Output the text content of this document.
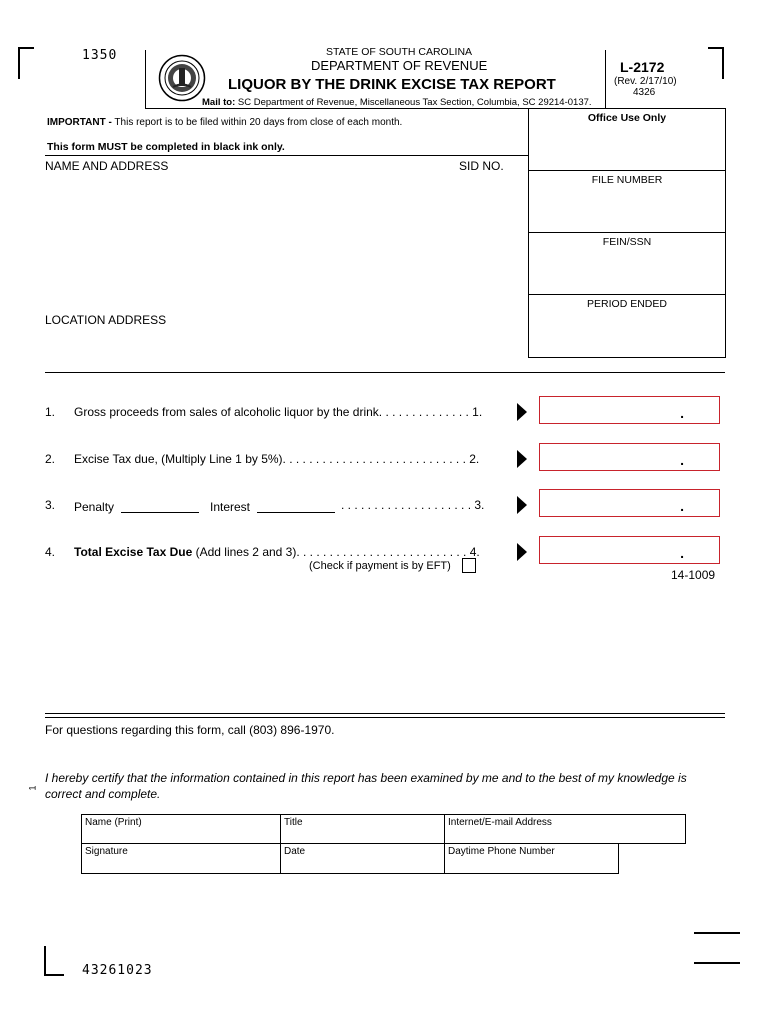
1350	STATE OF SOUTH CAROLINA
DEPARTMENT OF REVENUE
LIQUOR BY THE DRINK EXCISE TAX REPORT
Mail to: SC Department of Revenue, Miscellaneous Tax Section, Columbia, SC 29214-0137.
L-2172
(Rev. 2/17/10)
4326
IMPORTANT - This report is to be filed within 20 days from close of each month.
This form MUST be completed in black ink only.
NAME AND ADDRESS	SID NO.
LOCATION ADDRESS
Office Use Only
FILE NUMBER
FEIN/SSN
PERIOD ENDED
1. Gross proceeds from sales of alcoholic liquor by the drink. . . . . . . . . . . . . . 1.	.
2. Excise Tax due, (Multiply Line 1 by 5%). . . . . . . . . . . . . . . . . . . . . . . . . . . . 2.	.
3. Penalty	Interest	. . . . . . . . . . . . . . . . . . . . 3.	.
4. Total Excise Tax Due (Add lines 2 and 3). . . . . . . . . . . . . . . . . . . . . . . . . . 4.	.
(Check if payment is by EFT)
14-1009
For questions regarding this form, call (803) 896-1970.
I hereby certify that the information contained in this report has been examined by me and to the best of my knowledge is
correct and complete.
1
Name (Print)	Title	Internet/E-mail Address
Signature	Date	Daytime Phone Number
43261023
